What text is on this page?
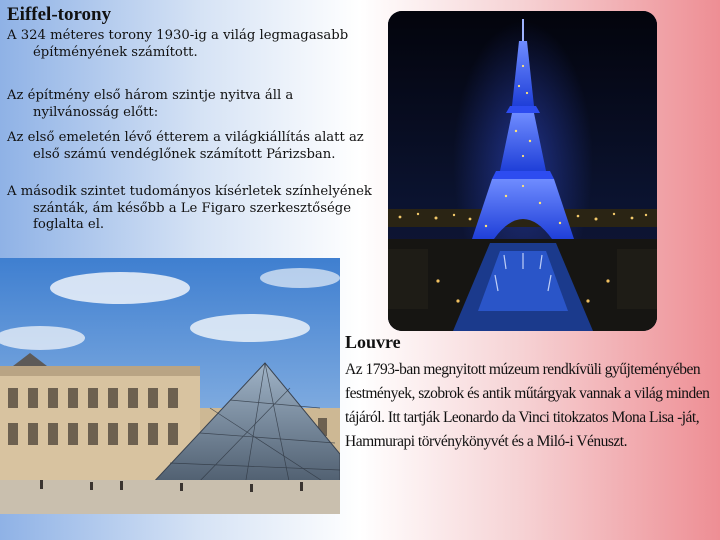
Eiffel-torony

A 324 méteres torony 1930-ig a világ legmagasabb építményének számított.

Az építmény első három szintje nyitva áll a nyilvánosság előtt:

Az első emeletén lévő étterem a világkiállítás alatt az első számú vendéglőnek számított Párizsban.

A második szintet tudományos kísérletek színhelyének szánták, ám később a Le Figaro szerkesztősége foglalta el.

Louvre

Az 1793-ban megnyitott múzeum rendkívüli gyűjteményében festmények, szobrok és antik műtárgyak vannak a világ minden tájáról. Itt tartják Leonardo da Vinci titokzatos Mona Lisa -ját, Hammurapi törvénykönyvét és a Miló-i Vénuszt.
